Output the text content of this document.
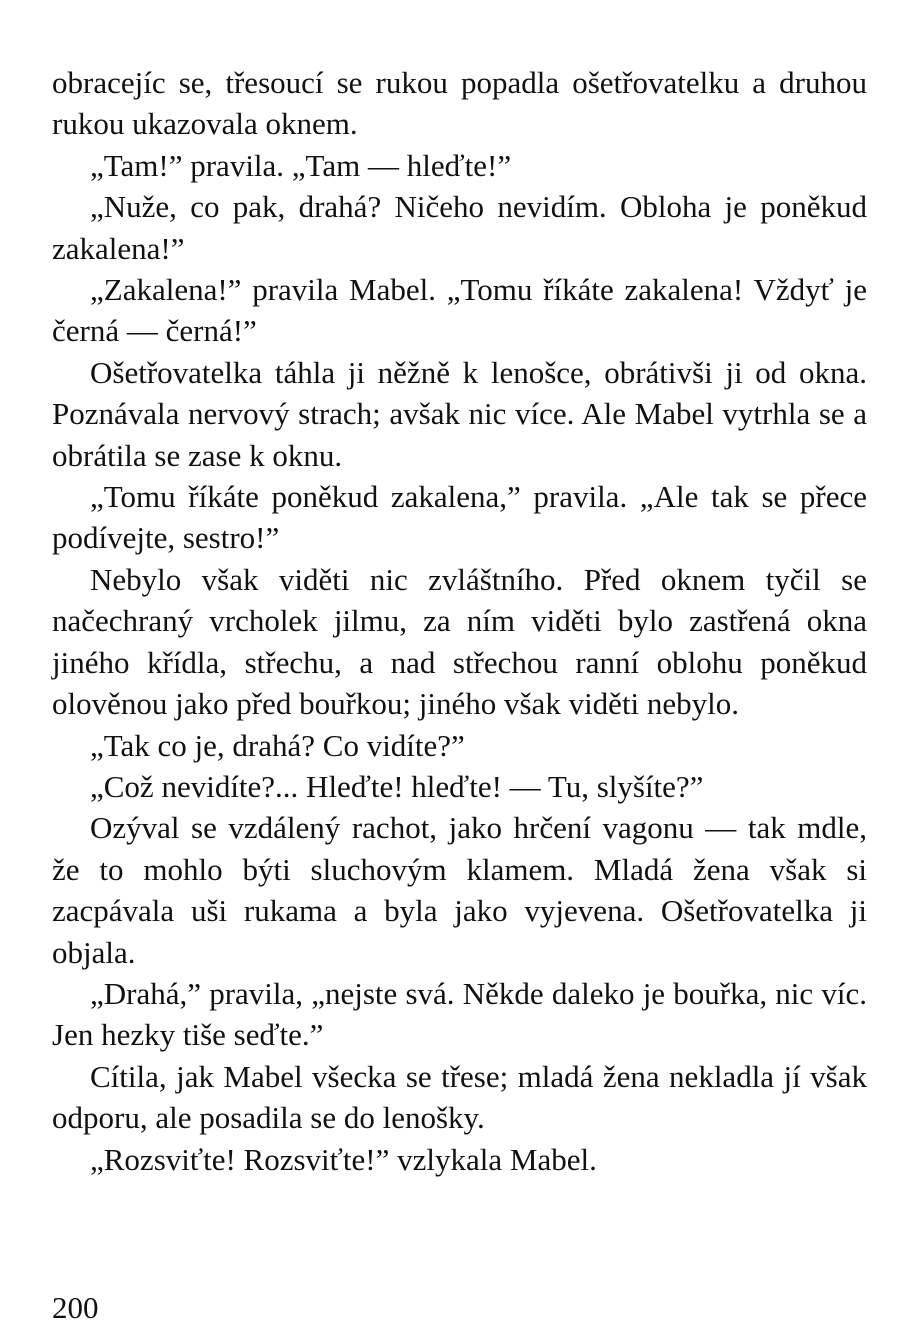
obracejíc se, třesoucí se rukou popadla ošetřovatelku a druhou rukou ukazovala oknem.

„Tam!” pravila. „Tam — hleďte!”

„Nuže, co pak, drahá? Ničeho nevidím. Obloha je poněkud zakalena!”

„Zakalena!” pravila Mabel. „Tomu říkáte zakalena! Vždyť je černá — černá!”

Ošetřovatelka táhla ji něžně k lenošce, obrátivši ji od okna. Poznávala nervový strach; avšak nic více. Ale Mabel vytrhla se a obrátila se zase k oknu.

„Tomu říkáte poněkud zakalena,” pravila. „Ale tak se přece podívejte, sestro!”

Nebylo však viděti nic zvláštního. Před oknem tyčil se načechraný vrcholek jilmu, za ním viděti bylo zastřená okna jiného křídla, střechu, a nad střechou ranní oblohu poněkud olověnou jako před bouřkou; jiného však viděti nebylo.

„Tak co je, drahá? Co vidíte?”

„Což nevidíte?... Hleďte! hleďte! — Tu, slyšíte?”

Ozýval se vzdálený rachot, jako hrčení vagonu — tak mdle, že to mohlo býti sluchovým klamem. Mladá žena však si zacpávala uši rukama a byla jako vyjevena. Ošetřovatelka ji objala.

„Drahá,” pravila, „nejste svá. Někde daleko je bouřka, nic víc. Jen hezky tiše seďte.”

Cítila, jak Mabel všecka se třese; mladá žena nekladla jí však odporu, ale posadila se do lenošky.

„Rozsviťte! Rozsviťte!” vzlykala Mabel.

200
